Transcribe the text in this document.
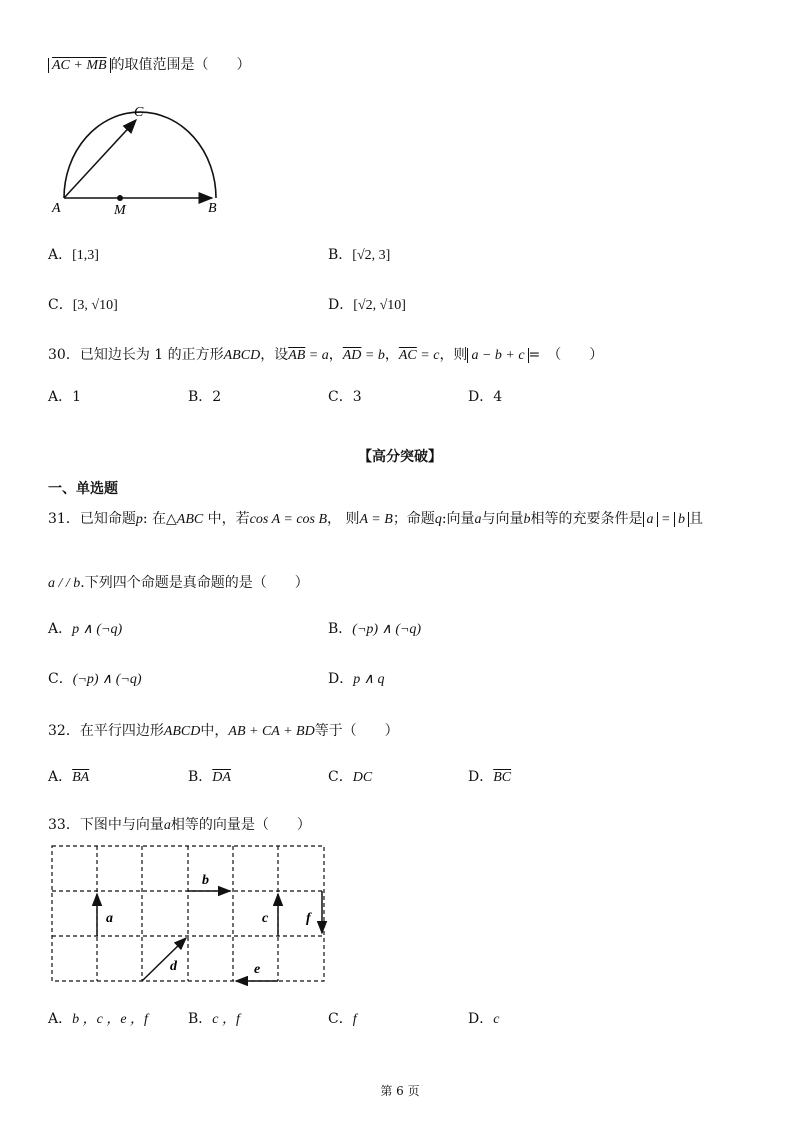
AC + MB 的取值范围是（　　）
C
A	M	B
A．[1,3]	B．[√2, 3]
C．[3, √10]	D．[√2, √10]
30．已知边长为 1 的正方形ABCD，设$\overline{AB} = a$，$\overline{AD} = b$，$\overline{AC} = c$，则 a − b + c =　（　　）
A．1	B．2	C．3	D．4
【高分突破】
一、单选题
31．已知命题p: 在△ABC 中，若cos A = cos B， 则A = B；命题q:向量a与向量b相等的充要条件是 a = b 且
a / / b.下列四个命题是真命题的是（　　）
A．p ∧ (¬q)	B．(¬p) ∧ (¬q)
C．(¬p) ∧ (¬q)	D．p ∧ q
32．在平行四边形ABCD中，AB + CA + BD等于（　　）
A．$\overline{BA}$	B．$\overline{DA}$	C．DC	D．$\overline{BC}$
33．下图中与向量a相等的向量是（　　）
a
b
c
d	e
f
A．b ，c ，e ，f	B．c ，f	C．f	D．c
第 6 页
